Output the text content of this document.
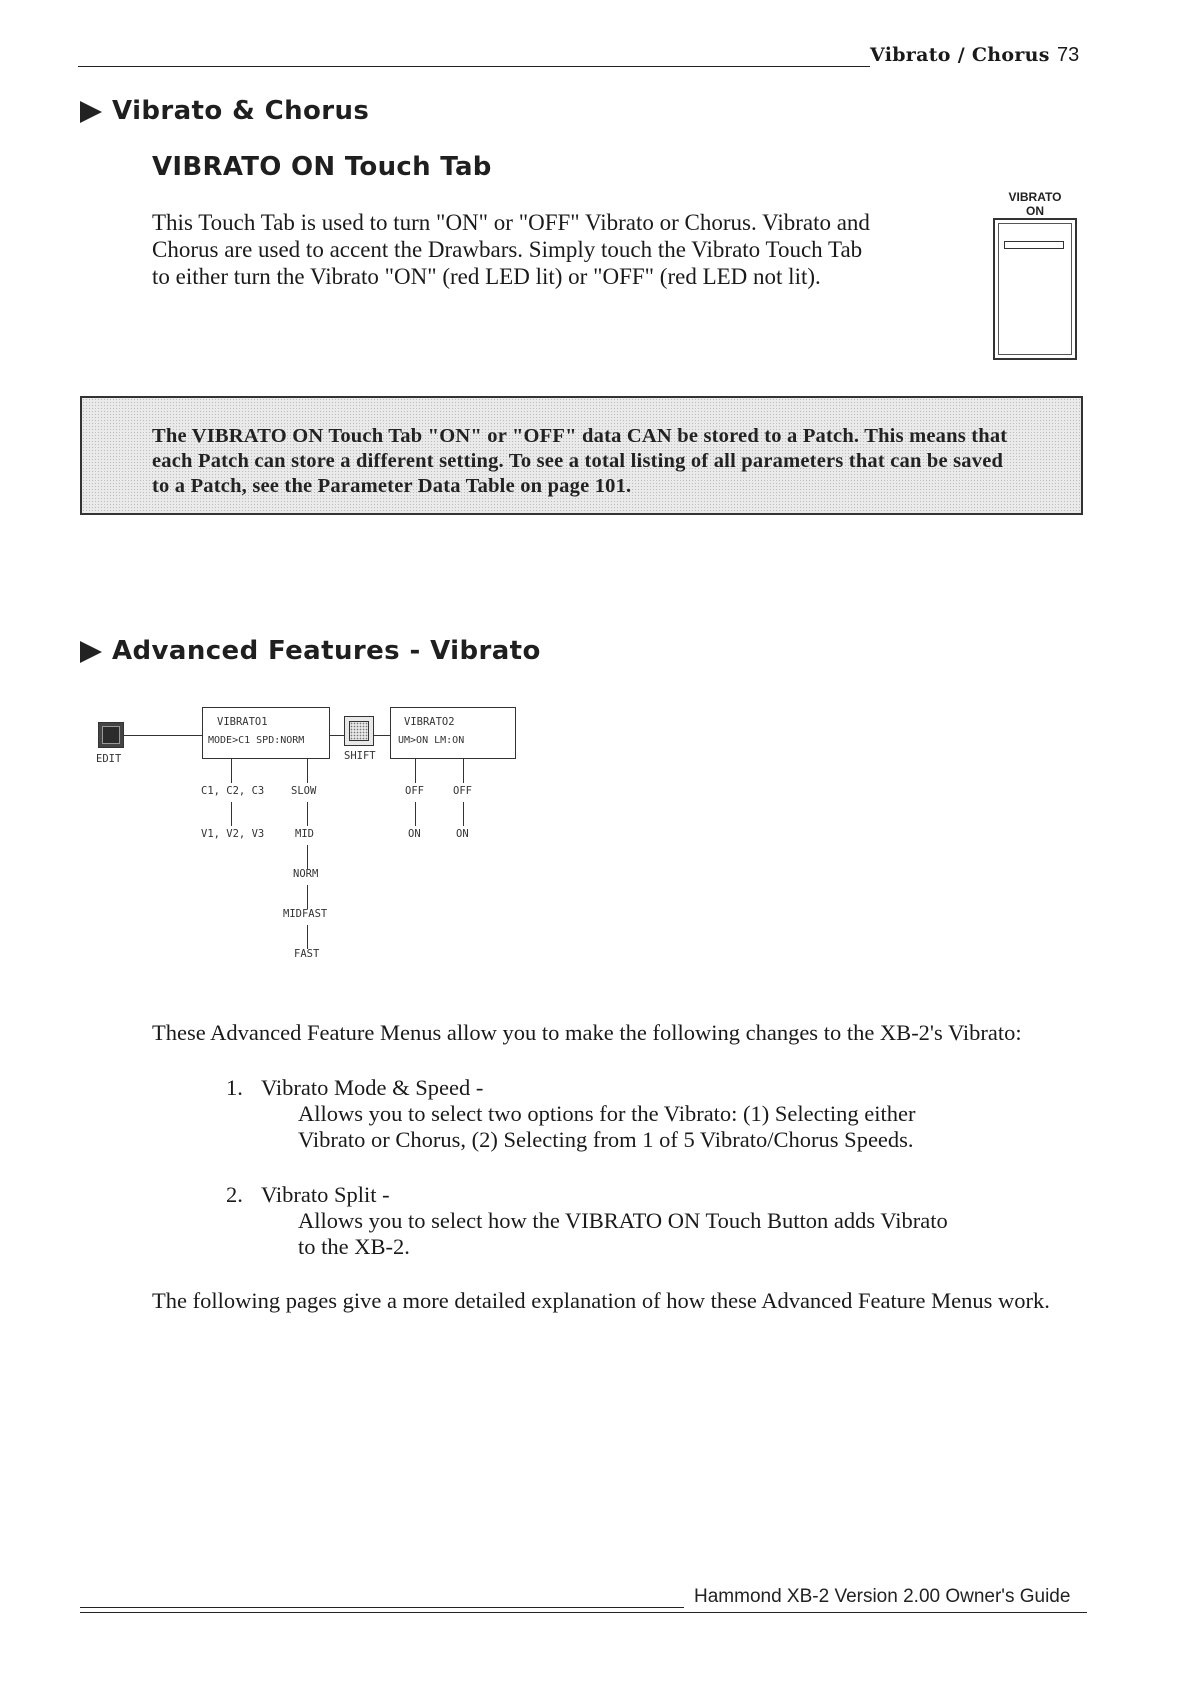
Vibrato / Chorus 73
Vibrato & Chorus
VIBRATO ON Touch Tab
This Touch Tab is used to turn "ON" or "OFF" Vibrato or Chorus. Vibrato and
Chorus are used to accent the Drawbars. Simply touch the Vibrato Touch Tab
to either turn the Vibrato "ON" (red LED lit) or "OFF" (red LED not lit).
VIBRATO
ON
The VIBRATO ON Touch Tab "ON" or "OFF" data CAN be stored to a Patch. This means that
each Patch can store a different setting. To see a total listing of all parameters that can be saved
to a Patch, see the Parameter Data Table on page 101.
Advanced Features - Vibrato
EDIT
VIBRATO1
MODE>C1 SPD:NORM
SHIFT
VIBRATO2
UM>ON LM:ON
C1, C2, C3
V1, V2, V3
SLOW
MID
NORM
MIDFAST
FAST
OFF
ON
OFF
ON
These Advanced Feature Menus allow you to make the following changes to the XB-2's Vibrato:
1. Vibrato Mode & Speed -
Allows you to select two options for the Vibrato: (1) Selecting either
Vibrato or Chorus, (2) Selecting from 1 of 5 Vibrato/Chorus Speeds.
2. Vibrato Split -
Allows you to select how the VIBRATO ON Touch Button adds Vibrato
to the XB-2.
The following pages give a more detailed explanation of how these Advanced Feature Menus work.
Hammond XB-2 Version 2.00 Owner's Guide
